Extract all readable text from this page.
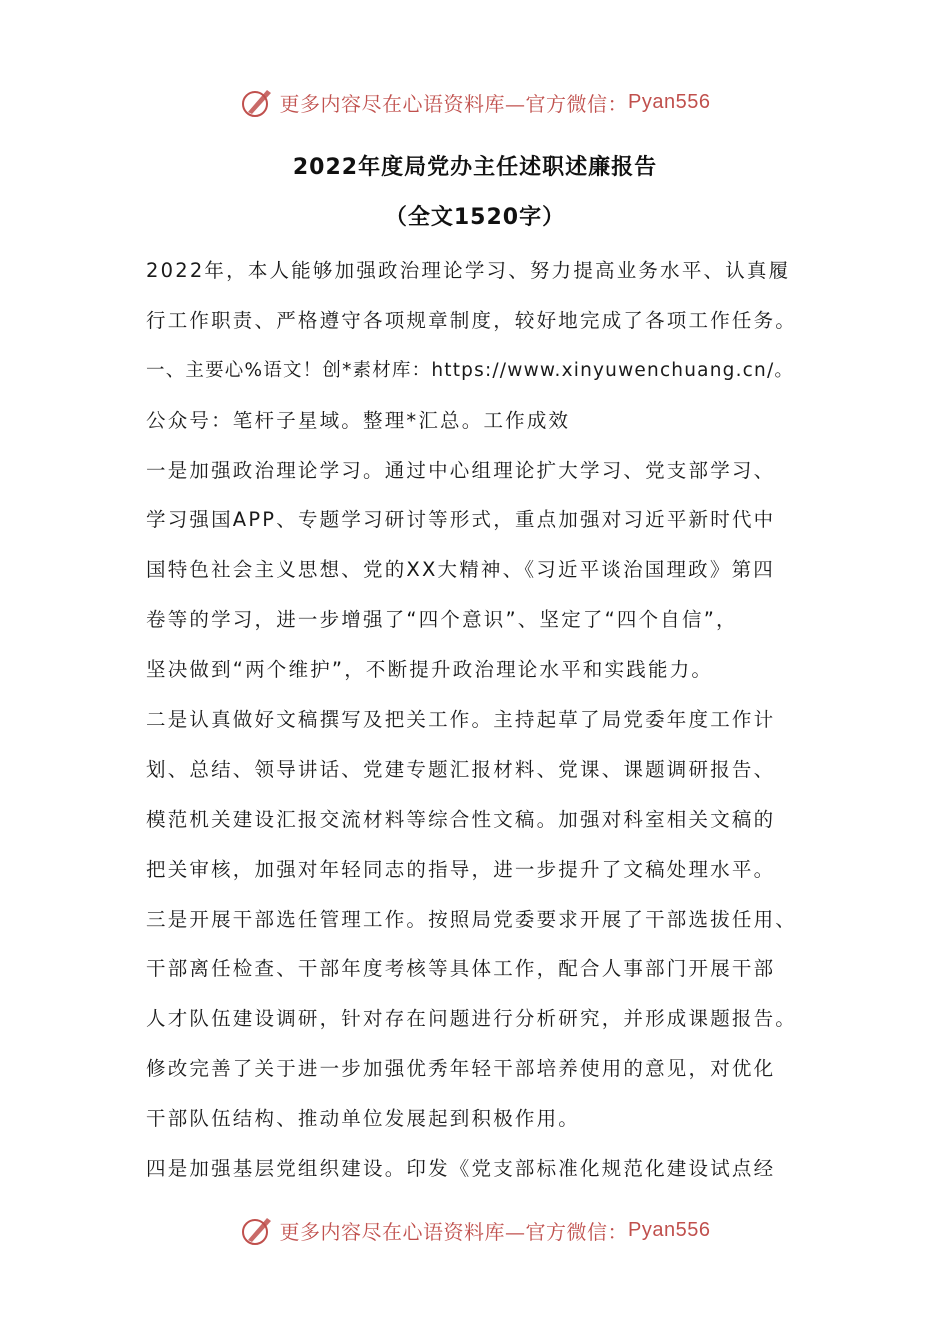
更多内容尽在心语资料库—官方微信： Pyan556
2022年度局党办主任述职述廉报告
（全文1520字）
2022年，本人能够加强政治理论学习、努力提高业务水平、认真履
行工作职责、严格遵守各项规章制度，较好地完成了各项工作任务。
一、主要心%语文！创*素材库：https://www.xinyuwenchuang.cn/。
公众号：笔杆子星域。整理*汇总。工作成效
一是加强政治理论学习。通过中心组理论扩大学习、党支部学习、
学习强国APP、专题学习研讨等形式，重点加强对习近平新时代中
国特色社会主义思想、党的XX大精神、《习近平谈治国理政》第四
卷等的学习，进一步增强了“四个意识”、坚定了“四个自信”，
坚决做到“两个维护”，不断提升政治理论水平和实践能力。
二是认真做好文稿撰写及把关工作。主持起草了局党委年度工作计
划、总结、领导讲话、党建专题汇报材料、党课、课题调研报告、
模范机关建设汇报交流材料等综合性文稿。加强对科室相关文稿的
把关审核，加强对年轻同志的指导，进一步提升了文稿处理水平。
三是开展干部选任管理工作。按照局党委要求开展了干部选拔任用、
干部离任检查、干部年度考核等具体工作，配合人事部门开展干部
人才队伍建设调研，针对存在问题进行分析研究，并形成课题报告。
修改完善了关于进一步加强优秀年轻干部培养使用的意见，对优化
干部队伍结构、推动单位发展起到积极作用。
四是加强基层党组织建设。印发《党支部标准化规范化建设试点经
更多内容尽在心语资料库—官方微信： Pyan556
